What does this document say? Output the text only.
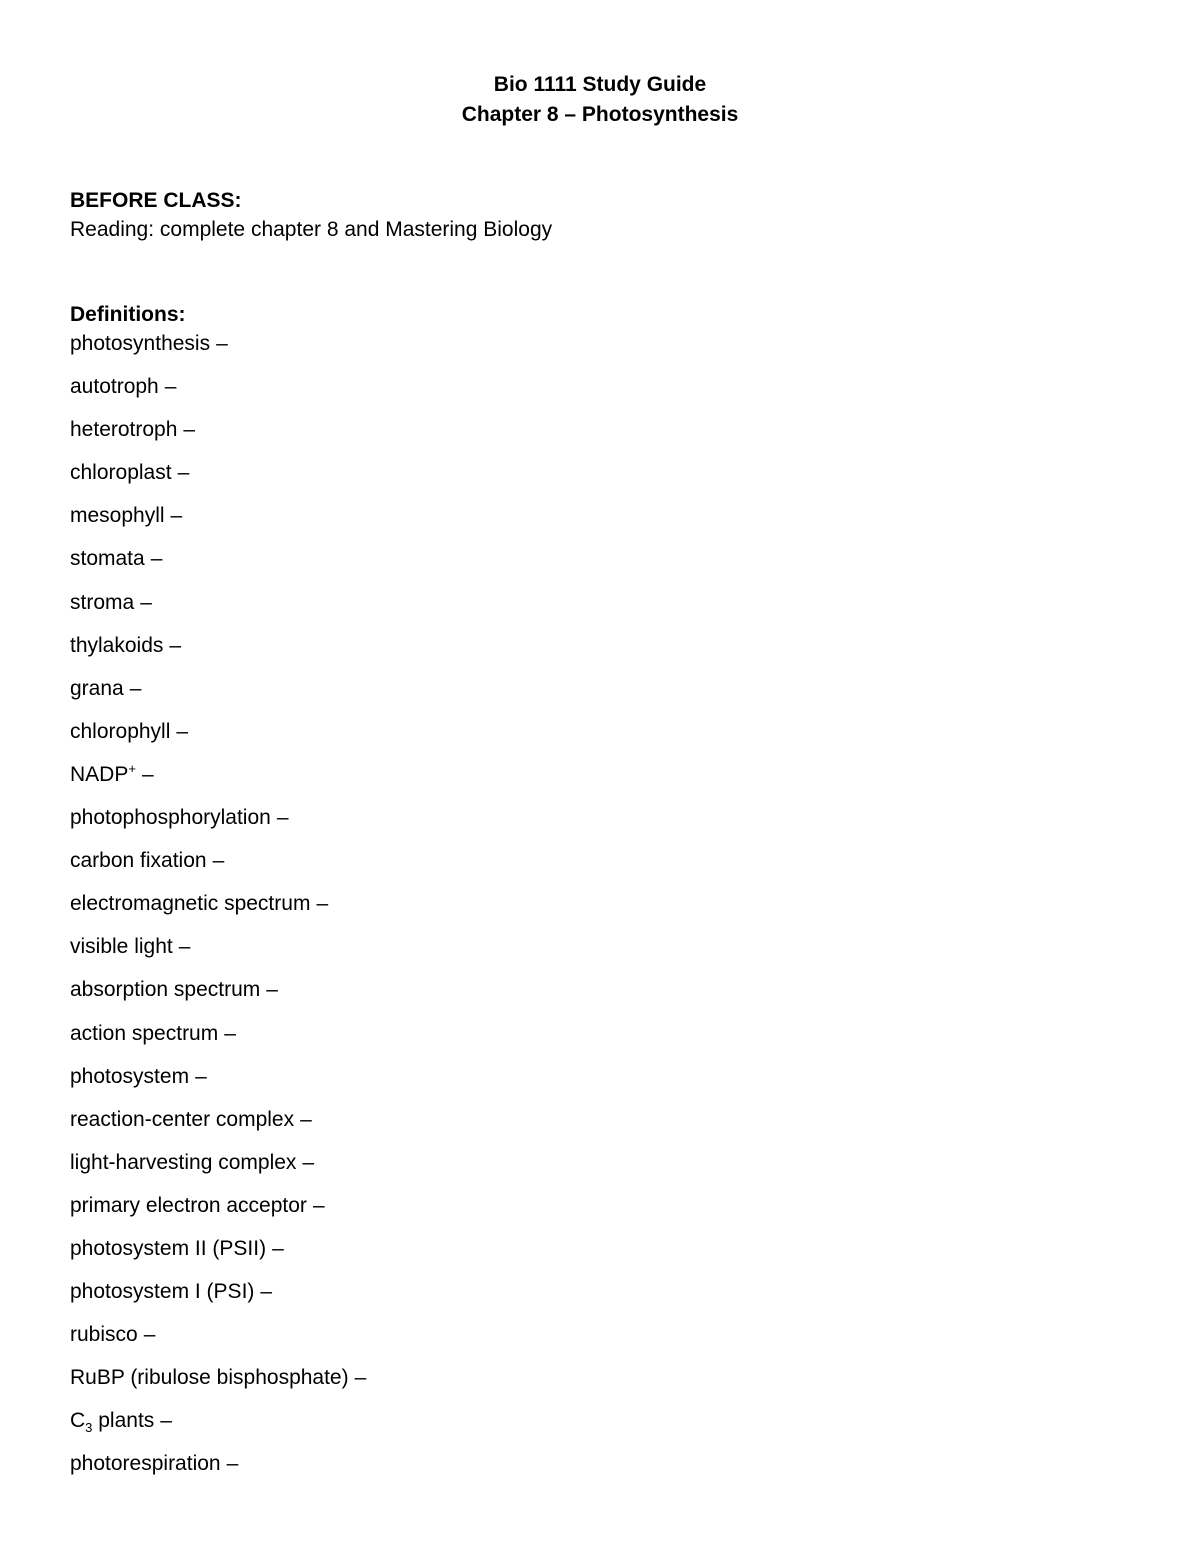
Bio 1111 Study Guide
Chapter 8 – Photosynthesis
BEFORE CLASS:
Reading: complete chapter 8 and Mastering Biology
Definitions:
photosynthesis –
autotroph –
heterotroph –
chloroplast –
mesophyll –
stomata –
stroma –
thylakoids –
grana –
chlorophyll –
NADP+ –
photophosphorylation –
carbon fixation –
electromagnetic spectrum –
visible light –
absorption spectrum –
action spectrum –
photosystem –
reaction-center complex –
light-harvesting complex –
primary electron acceptor –
photosystem II (PSII) –
photosystem I (PSI) –
rubisco –
RuBP (ribulose bisphosphate) –
$C_3$ plants –
photorespiration –
